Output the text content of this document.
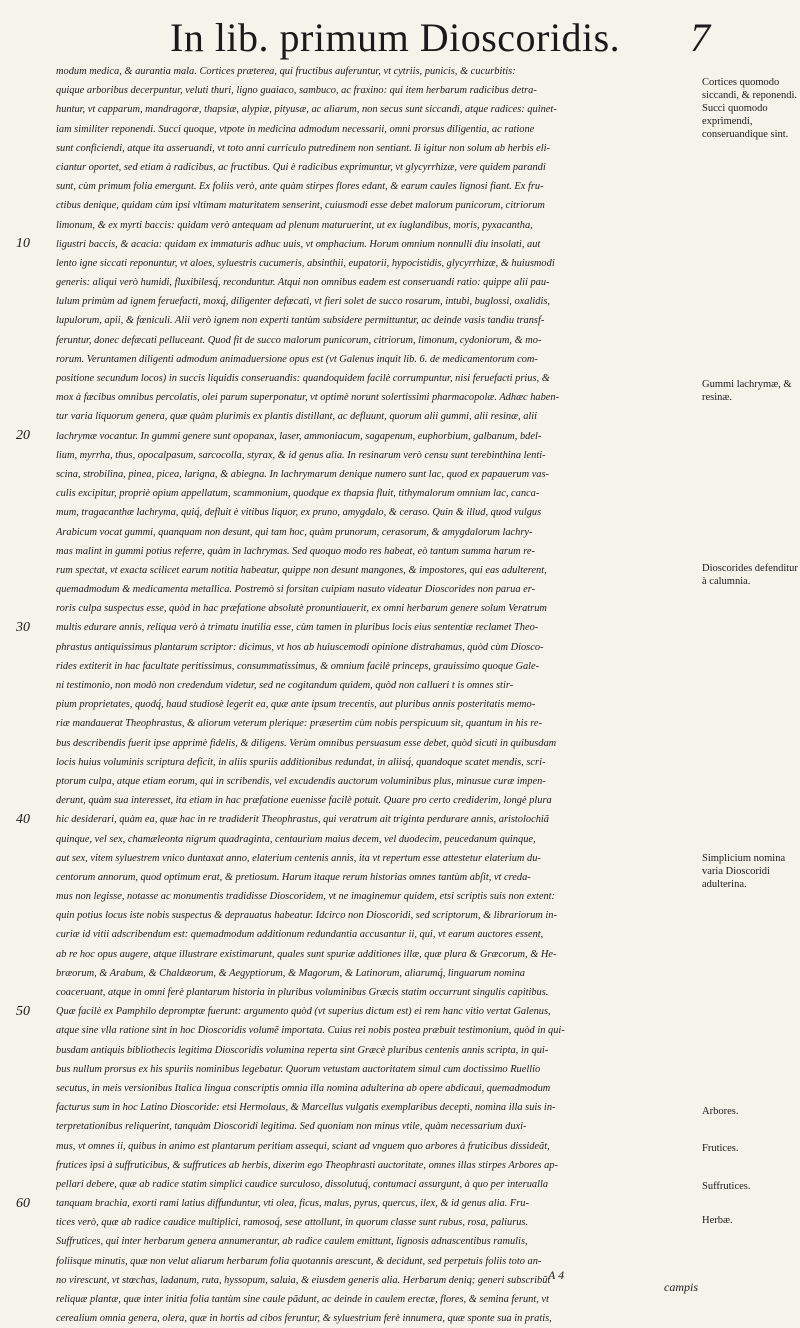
In lib. primum Dioscoridis. 7
modum medica, & aurantia mala. Cortices præterea, qui fructibus auferuntur, vt cytriis, punicis, & cucurbitis:
quique arboribus decerpuntur, veluti thuri, ligno guaiaco, sambuco, ac fraxino: qui item herbarum radicibus detra-
huntur, vt capparum, mandragoræ, thapsiæ, alypiæ, pityusæ, ac aliarum, non secus sunt siccandi, atque radices: quinet-
iam similiter reponendi. Succi quoque, vtpote in medicina admodum necessarii, omni prorsus diligentia, ac ratione
sunt conficiendi, atque ita asseruandi, vt toto anni curriculo putredinem non sentiant. Ii igitur non solum ab herbis eli-
ciantur oportet, sed etiam à radicibus, ac fructibus. Qui è radicibus exprimuntur, vt glycyrrhizæ, vere quidem parandi
sunt, cùm primum folia emergunt. Ex foliis verò, ante quàm stirpes flores edant, & earum caules lignosi fiant. Ex fru-
ctibus denique, quidam cùm ipsi vltimam maturitatem senserint, cuiusmodi esse debet malorum punicorum, citriorum
limonum, & ex myrti baccis: quidam verò antequam ad plenum maturuerint, ut ex iuglandibus, moris, pyxacantha,
ligustri baccis, & acacia: quidam ex immaturis adhuc uuis, vt omphacium. Horum omnium nonnulli diu insolati, aut
lento igne siccati reponuntur, vt aloes, syluestris cucumeris, absinthii, eupatorii, hypocistidis, glycyrrhizæ, & huiusmodi
generis: aliqui verò humidi, fluxibilesq́, reconduntur. Atqui non omnibus eadem est conseruandi ratio: quippe alii pau-
lulum primùm ad ignem feruefacti, moxq́, diligenter defæcati, vt fieri solet de succo rosarum, intubi, buglossi, oxalidis,
lupulorum, apii, & fœniculi. Alii verò ignem non experti tantùm subsidere permittuntur, ac deinde vasis tandiu transf-
feruntur, donec defæcati pelluceant. Quod fit de succo malorum punicorum, citriorum, limonum, cydoniorum, & mo-
rorum. Veruntamen diligenti admodum animaduersione opus est (vt Galenus inquit lib. 6. de medicamentorum com-
positione secundum locos) in succis liquidis conseruandis: quandoquidem facilè corrumpuntur, nisi feruefacti prius, &
mox à fæcibus omnibus percolatis, olei parum superponatur, vt optimè norunt solertissimi pharmacopolæ. Adhæc haben-
tur varia liquorum genera, quæ quàm plurimis ex plantis distillant, ac defluunt, quorum alii gummi, alii resinæ, alii
lachrymæ vocantur. In gummi genere sunt opopanax, laser, ammoniacum, sagapenum, euphorbium, galbanum, bdel-
lium, myrrha, thus, opocalpasum, sarcocolla, styrax, & id genus alia. In resinarum verò censu sunt terebinthina lenti-
scina, strobilina, pinea, picea, larigna, & abiegna. In lachrymarum denique numero sunt lac, quod ex papauerum vas-
culis excipitur, propriè opium appellatum, scammonium, quodque ex thapsia fluit, tithymalorum omnium lac, canca-
mum, tragacanthæ lachryma, quiq́, defluit è vitibus liquor, ex pruno, amygdalo, & ceraso. Quin & illud, quod vulgus
Arabicum vocat gummi, quanquam non desunt, qui tam hoc, quàm prunorum, cerasorum, & amygdalorum lachry-
mas malint in gummi potius referre, quàm in lachrymas. Sed quoquo modo res habeat, eò tantum summa harum re-
rum spectat, vt exacta scilicet earum notitia habeatur, quippe non desunt mangones, & impostores, qui eas adulterent,
quemadmodum & medicamenta metallica. Postremò si forsitan cuipiam nasuto videatur Dioscorides non parua er-
roris culpa suspectus esse, quòd in hac præfatione absolutè pronuntiauerit, ex omni herbarum genere solum Veratrum
multis edurare annis, reliqua verò à trimatu inutilia esse, cùm tamen in pluribus locis eius sententiæ reclamet Theo-
phrastus antiquissimus plantarum scriptor: dicimus, vt hos ab huiuscemodi opinione distrahamus, quòd cùm Diosco-
rides extiterit in hac facultate peritissimus, consummatissimus, & omnium facilè princeps, grauissimo quoque Gale-
ni testimonio, non modò non credendum videtur, sed ne cogitandum quidem, quòd non callueri t is omnes stir-
pium proprietates, quodq́, haud studiosè legerit ea, quæ ante ipsum trecentis, aut pluribus annis posteritatis memo-
riæ mandauerat Theophrastus, & aliorum veterum plerique: præsertim cùm nobis perspicuum sit, quantum in his re-
bus describendis fuerit ipse apprimè fidelis, & diligens. Verùm omnibus persuasum esse debet, quòd sicuti in quibusdam
locis huius voluminis scriptura deficit, in aliis spuriis additionibus redundat, in aliisq́, quandoque scatet mendis, scri-
ptorum culpa, atque etiam eorum, qui in scribendis, vel excudendis auctorum voluminibus plus, minusue curæ impen-
derunt, quàm sua interesset, ita etiam in hac præfatione euenisse facilè potuit. Quare pro certo crediderim, longè plura
hic desiderari, quàm ea, quæ hac in re tradiderit Theophrastus, qui veratrum ait triginta perdurare annis, aristolochiã
quinque, vel sex, chamæleonta nigrum quadraginta, centaurium maius decem, vel duodecim, peucedanum quinque,
aut sex, vitem syluestrem vnico duntaxat anno, elaterium centenis annis, ita vt repertum esse attestetur elaterium du-
centorum annorum, quod optimum erat, & pretiosum. Harum itaque rerum historias omnes tantùm abſit, vt creda-
mus non legisse, notasse ac monumentis tradidisse Dioscoridem, vt ne imaginemur quidem, etsi scriptis suis non extent:
quin potius locus iste nobis suspectus & deprauatus habeatur. Idcirco non Dioscoridi, sed scriptorum, & librariorum in-
curiæ id vitii adscribendum est: quemadmodum additionum redundantia accusantur ii, qui, vt earum auctores essent,
ab re hoc opus augere, atque illustrare existimarunt, quales sunt spuriæ additiones illæ, quæ plura & Græcorum, & He-
bræorum, & Arabum, & Chaldæorum, & Aegyptiorum, & Magorum, & Latinorum, aliarumq́, linguarum nomina
coaceruant, atque in omni ferè plantarum historia in pluribus voluminibus Græcis statim occurrunt singulis capitibus.
Quæ facilè ex Pamphilo depromptæ fuerunt: argumento quòd (vt superius dictum est) ei rem hanc vitio vertat Galenus,
atque sine vlla ratione sint in hoc Dioscoridis volumẽ importata. Cuius rei nobis postea præbuit testimonium, quòd in qui-
busdam antiquis bibliothecis legitima Dioscoridis volumina reperta sint Græcè pluribus centenis annis scripta, in qui-
bus nullum prorsus ex his spuriis nominibus legebatur. Quorum vetustam auctoritatem simul cum doctissimo Ruellio
secutus, in meis versionibus Italica lingua conscriptis omnia illa nomina adulterina ab opere abdicaui, quemadmodum
facturus sum in hoc Latino Dioscoride: etsi Hermolaus, & Marcellus vulgatis exemplaribus decepti, nomina illa suis in-
terpretationibus reliquerint, tanquàm Dioscoridi legitima. Sed quoniam non minus vtile, quàm necessarium duxi-
mus, vt omnes ii, quibus in animo est plantarum peritiam assequi, sciant ad vnguem quo arbores à fruticibus dissideãt,
frutices ipsi à suffruticibus, & suffrutices ab herbis, dixerim ego Theophrasti auctoritate, omnes illas stirpes Arbores ap-
pellari debere, quæ ab radice statim simplici caudice surculoso, dissolutuq́, contumaci assurgunt, à quo per interualla
tanquam brachia, exorti rami latius diffunduntur, vti olea, ficus, malus, pyrus, quercus, ilex, & id genus alia. Fru-
tices verò, quæ ab radice caudice multiplici, ramosoq́, sese attollunt, in quorum classe sunt rubus, rosa, paliurus.
Suffrutices, qui inter herbarum genera annumerantur, ab radice caulem emittunt, lignosis adnascentibus ramulis,
foliisque minutis, quæ non velut aliarum herbarum folia quotannis arescunt, & decidunt, sed perpetuis foliis toto an-
no virescunt, vt stœchas, ladanum, ruta, hyssopum, saluia, & eiusdem generis alia. Herbarum deniq; generi subscribũt
reliquæ plantæ, quæ inter initia folia tantùm sine caule pãdunt, ac deinde in caulem erectæ, flores, & semina ferunt, vt
cerealium omnia genera, olera, quæ in hortis ad cibos feruntur, & syluestrium ferè innumera, quæ sponte sua in pratis,
10
20
30
40
50
60
Cortices quomodo siccandi, & reponendi. Succi quomodo exprimendi, conseruandique sint.
Gummi lachrymæ, & resinæ.
Dioscorides defenditur à calumnia.
Simplicium nomina varia Dioscoridi adulterina.
Arbores.
Frutices.
Suffrutices.
Herbæ.
A 4
campis
